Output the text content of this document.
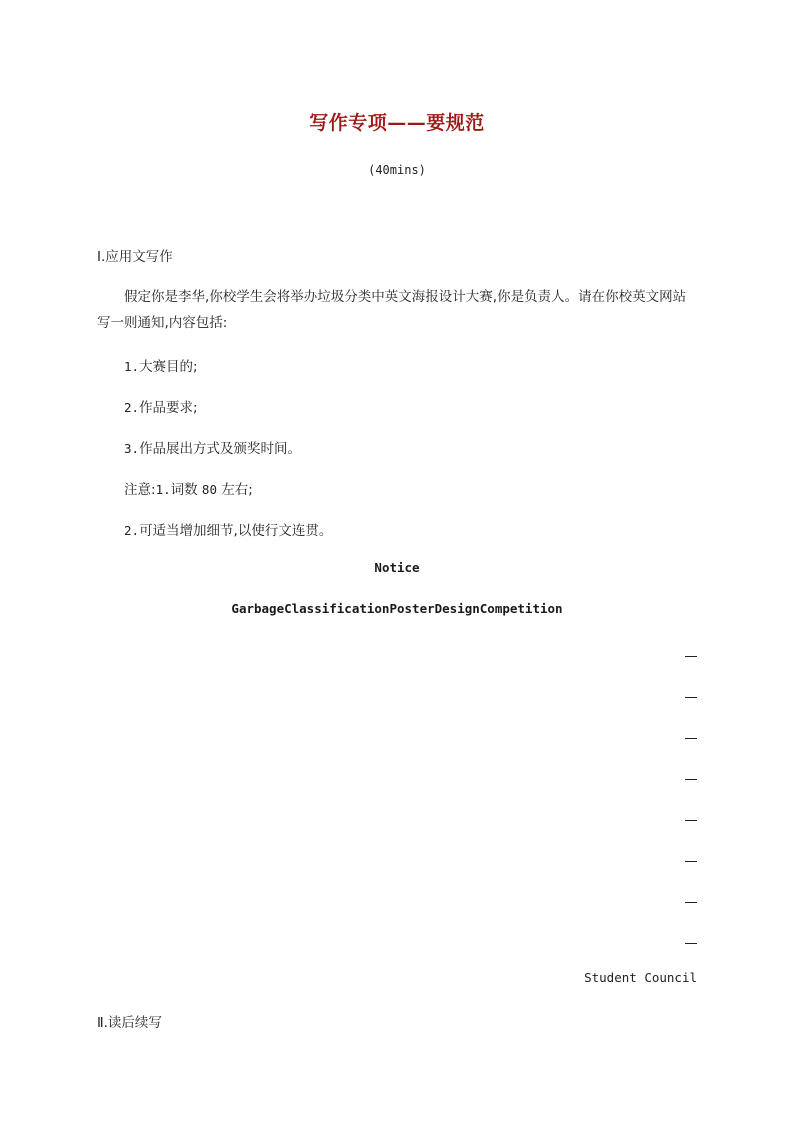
写作专项——要规范
(40mins)
Ⅰ.应用文写作
假定你是李华,你校学生会将举办垃圾分类中英文海报设计大赛,你是负责人。请在你校英文网站写一则通知,内容包括:
1.大赛目的;
2.作品要求;
3.作品展出方式及颁奖时间。
注意:1.词数 80 左右;
2.可适当增加细节,以使行文连贯。
Notice
GarbageClassificationPosterDesignCompetition
Student Council
Ⅱ.读后续写
